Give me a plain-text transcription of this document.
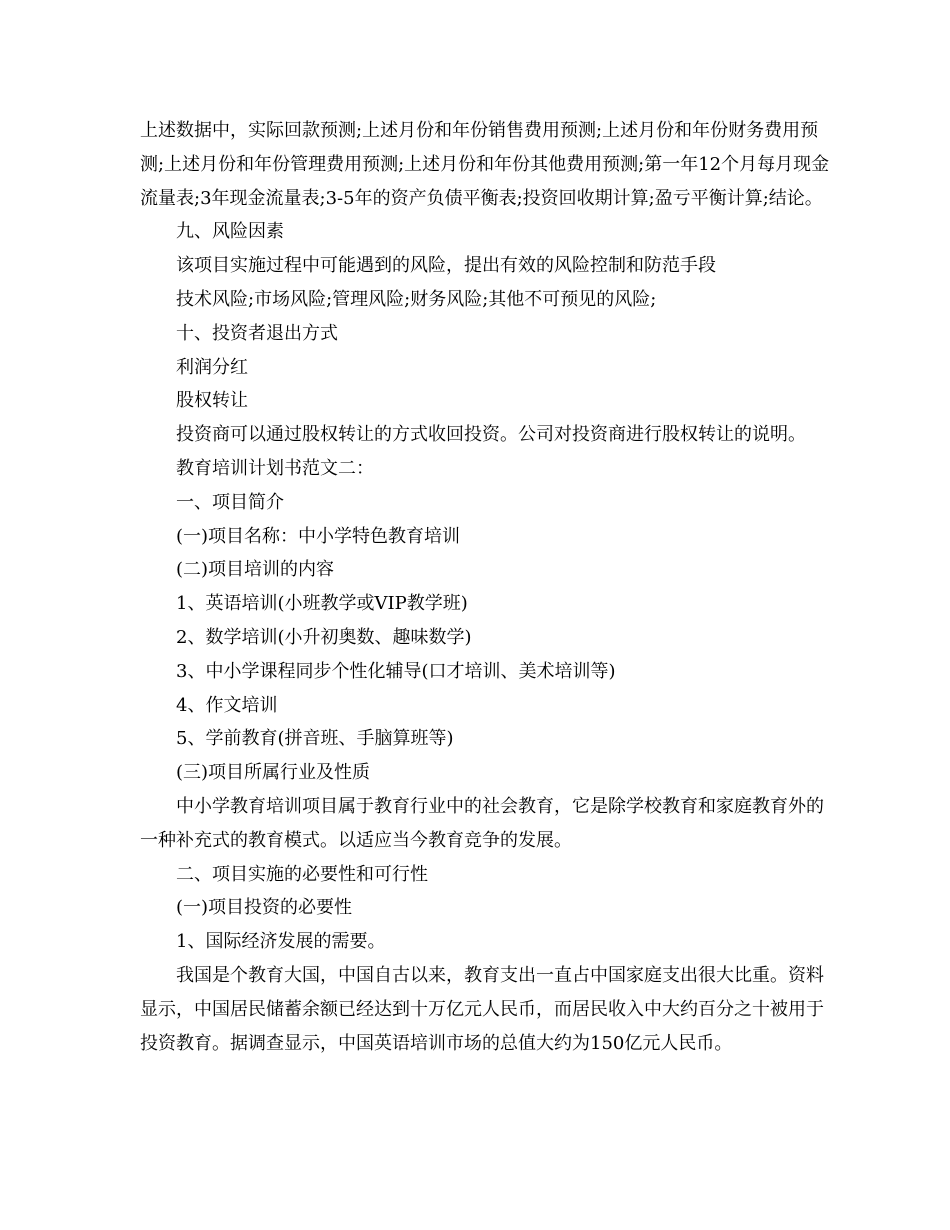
上述数据中，实际回款预测;上述月份和年份销售费用预测;上述月份和年份财务费用预测;上述月份和年份管理费用预测;上述月份和年份其他费用预测;第一年12个月每月现金流量表;3年现金流量表;3-5年的资产负债平衡表;投资回收期计算;盈亏平衡计算;结论。

九、风险因素

该项目实施过程中可能遇到的风险，提出有效的风险控制和防范手段

技术风险;市场风险;管理风险;财务风险;其他不可预见的风险;

十、投资者退出方式

利润分红

股权转让

投资商可以通过股权转让的方式收回投资。公司对投资商进行股权转让的说明。

教育培训计划书范文二：

一、项目简介

(一)项目名称：中小学特色教育培训

(二)项目培训的内容

1、英语培训(小班教学或VIP教学班)

2、数学培训(小升初奥数、趣味数学)

3、中小学课程同步个性化辅导(口才培训、美术培训等)

4、作文培训

5、学前教育(拼音班、手脑算班等)

(三)项目所属行业及性质

中小学教育培训项目属于教育行业中的社会教育，它是除学校教育和家庭教育外的一种补充式的教育模式。以适应当今教育竞争的发展。

二、项目实施的必要性和可行性

(一)项目投资的必要性

1、国际经济发展的需要。

我国是个教育大国，中国自古以来，教育支出一直占中国家庭支出很大比重。资料显示，中国居民储蓄余额已经达到十万亿元人民币，而居民收入中大约百分之十被用于投资教育。据调查显示，中国英语培训市场的总值大约为150亿元人民币。
